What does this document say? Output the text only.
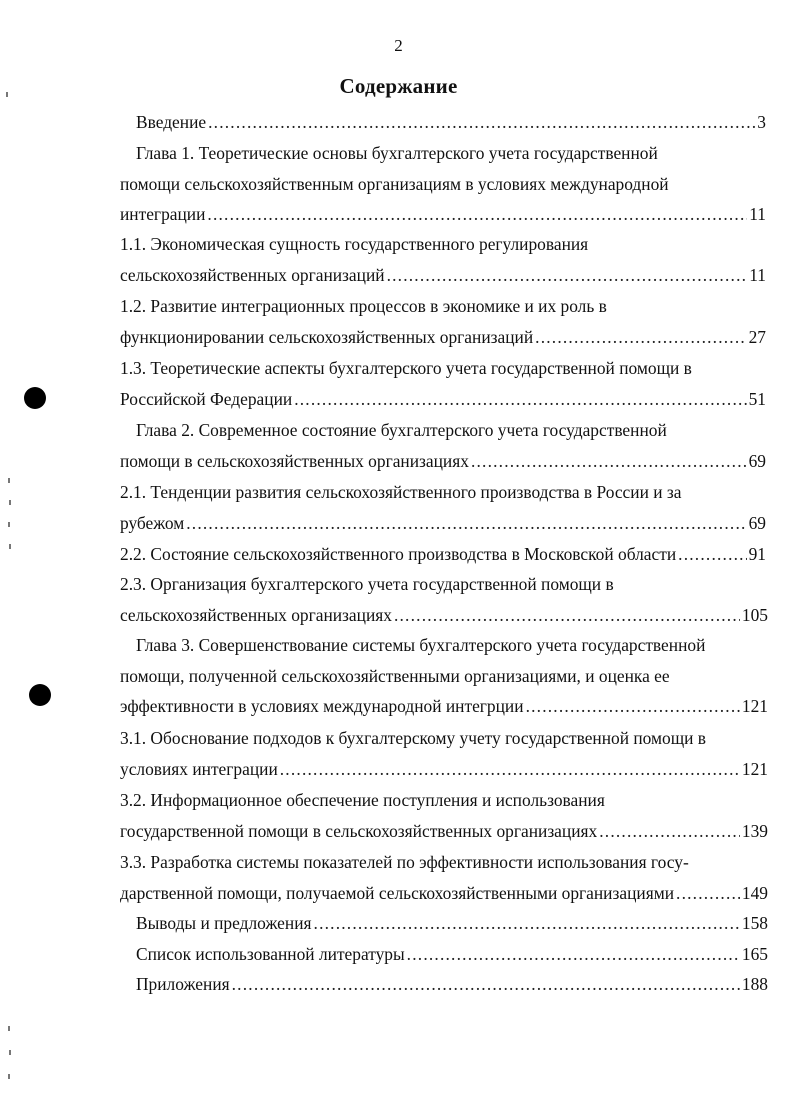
2
Содержание
Введение .....	3
Глава 1. Теоретические основы бухгалтерского учета государственной
помощи сельскохозяйственным организациям в условиях международной
интеграции .....	11
1.1. Экономическая сущность государственного регулирования
сельскохозяйственных организаций .....	11
1.2. Развитие интеграционных процессов в экономике и их роль в
функционировании сельскохозяйственных организаций .....	27
1.3. Теоретические аспекты бухгалтерского учета государственной помощи в
Российской Федерации .....	51
Глава 2. Современное состояние бухгалтерского учета государственной
помощи в сельскохозяйственных организациях .....	69
2.1. Тенденции развития сельскохозяйственного производства в России и за
рубежом .....	69
2.2. Состояние сельскохозяйственного производства в Московской области .....	91
2.3. Организация бухгалтерского учета государственной помощи в
сельскохозяйственных организациях .....	105
Глава 3. Совершенствование системы бухгалтерского учета государственной
помощи, полученной сельскохозяйственными организациями, и оценка ее
эффективности в условиях международной интегрции .....	121
3.1. Обоснование подходов к бухгалтерскому учету государственной помощи в
условиях интеграции .....	121
3.2. Информационное обеспечение поступления и использования
государственной помощи в сельскохозяйственных организациях .....	139
3.3. Разработка системы показателей по эффективности использования госу-
дарственной помощи, получаемой сельскохозяйственными организациями .....	149
Выводы и предложения .....	158
Список использованной литературы .....	165
Приложения .....	188
